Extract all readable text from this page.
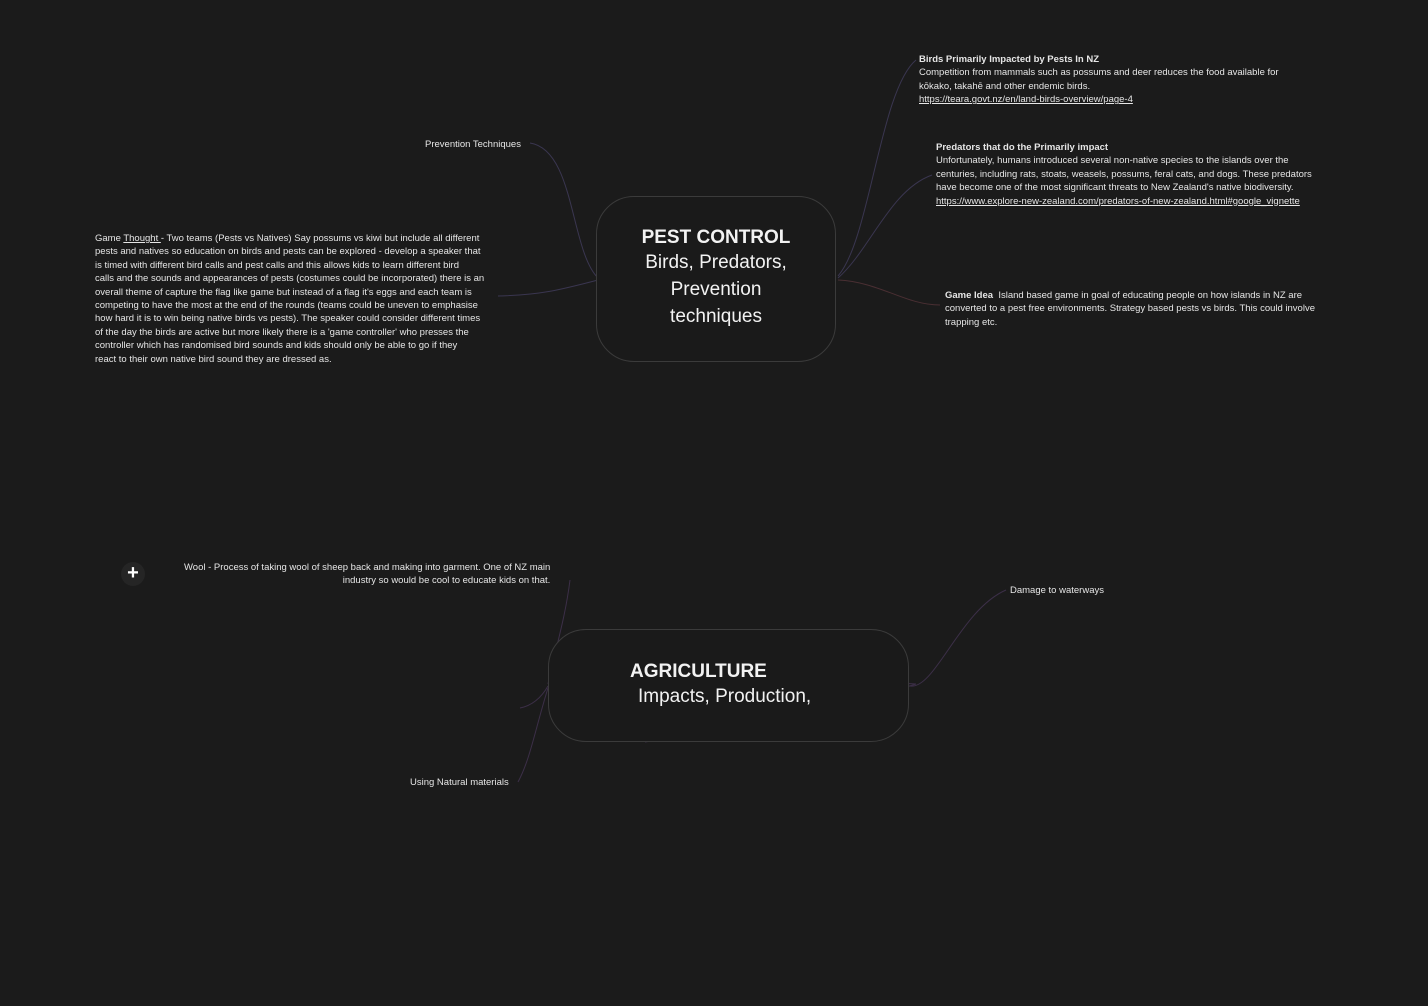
PEST CONTROL
Birds, Predators,
Prevention
techniques
Birds Primarily Impacted by Pests In NZ
Competition from mammals such as possums and deer reduces the food available for
kōkako, takahē and other endemic birds.
https://teara.govt.nz/en/land-birds-overview/page-4
Predators that do the Primarily impact
Unfortunately, humans introduced several non-native species to the islands over the
centuries, including rats, stoats, weasels, possums, feral cats, and dogs. These predators
have become one of the most significant threats to New Zealand's native biodiversity.
https://www.explore-new-zealand.com/predators-of-new-zealand.html#google_vignette
Game Idea Island based game in goal of educating people on how islands in NZ are
converted to a pest free environments. Strategy based pests vs birds. This could involve
trapping etc.
Prevention Techniques
Game Thought - Two teams (Pests vs Natives) Say possums vs kiwi but include all different
pests and natives so education on birds and pests can be explored - develop a speaker that
is timed with different bird calls and pest calls and this allows kids to learn different bird
calls and the sounds and appearances of pests (costumes could be incorporated) there is an
overall theme of capture the flag like game but instead of a flag it's eggs and each team is
competing to have the most at the end of the rounds (teams could be uneven to emphasise
how hard it is to win being native birds vs pests). The speaker could consider different times
of the day the birds are active but more likely there is a 'game controller' who presses the
controller which has randomised bird sounds and kids should only be able to go if they
react to their own native bird sound they are dressed as.
+	Wool - Process of taking wool of sheep back and making into garment. One of NZ main
industry so would be cool to educate kids on that.
AGRICULTURE
Impacts, Production,
Using Natural materials
Damage to waterways
